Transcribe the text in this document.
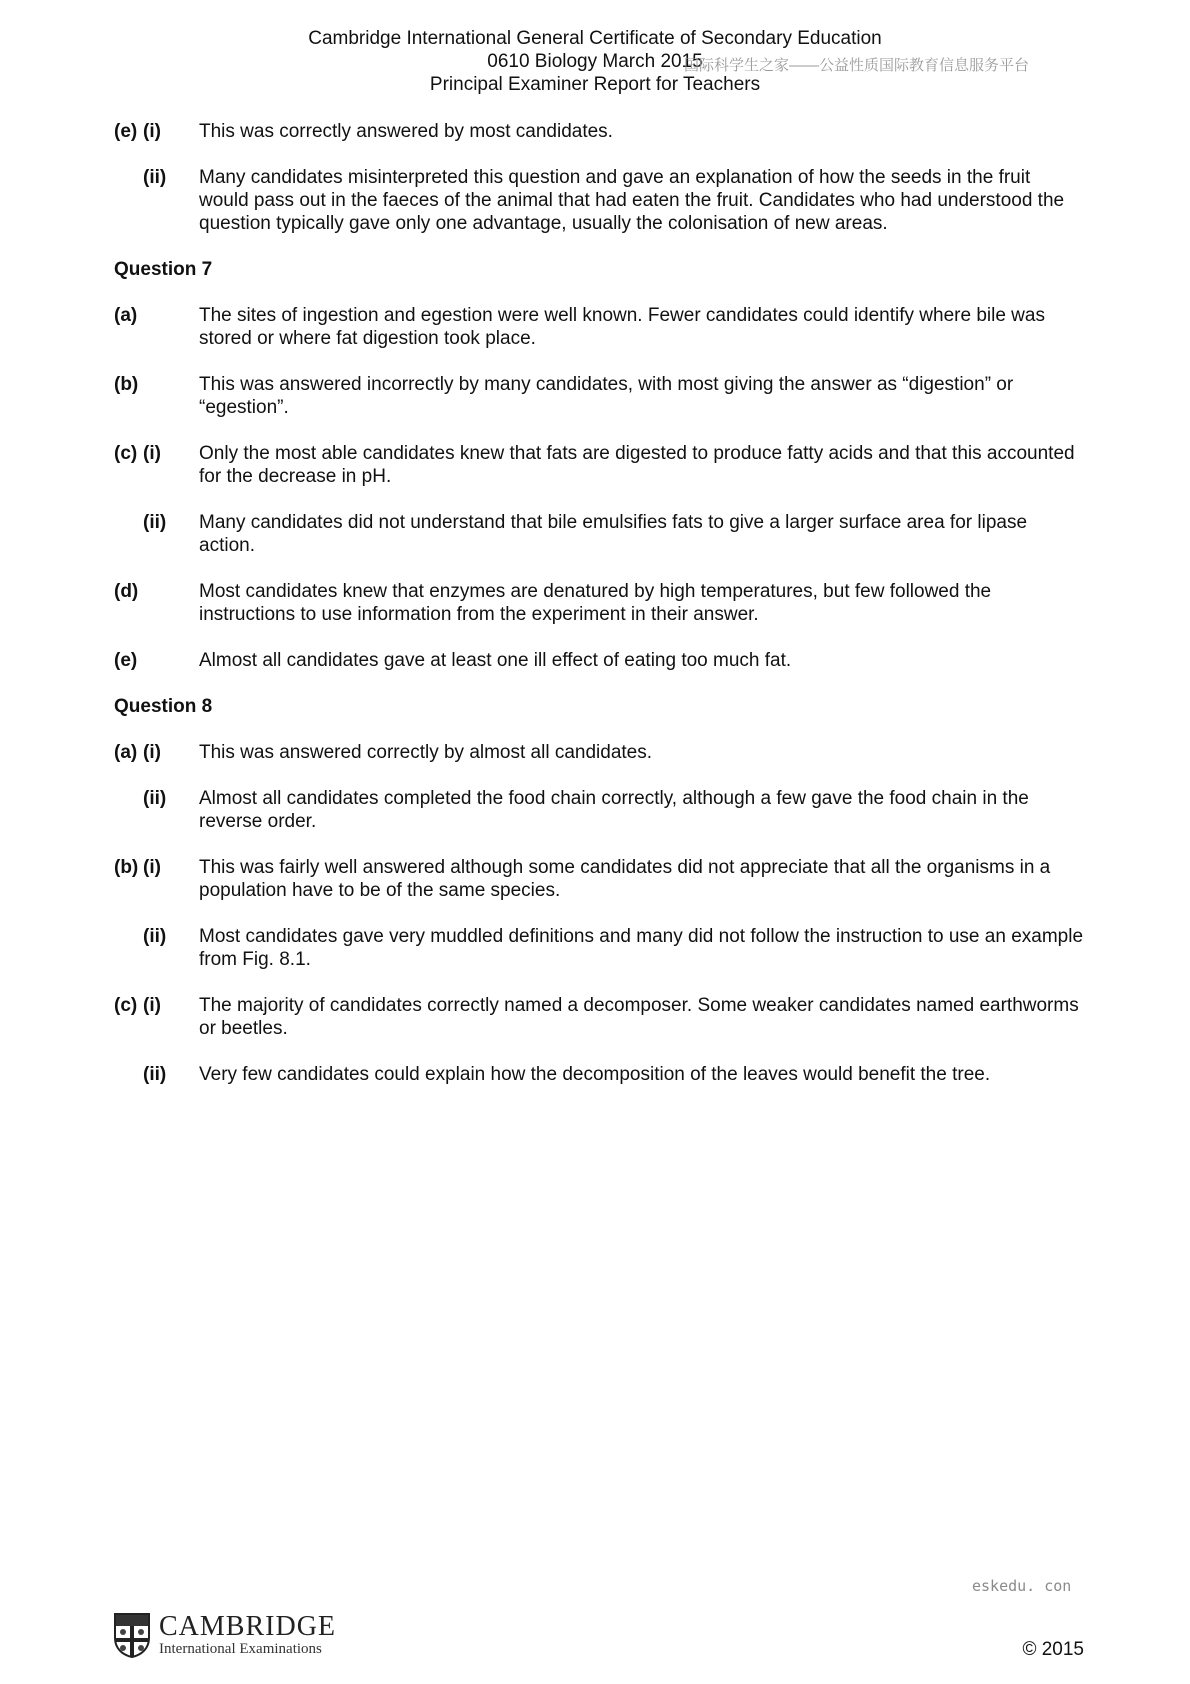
Cambridge International General Certificate of Secondary Education
0610 Biology March 2015
Principal Examiner Report for Teachers
国际科学生之家——公益性质国际教育信息服务平台
(e) (i) This was correctly answered by most candidates.
(ii) Many candidates misinterpreted this question and gave an explanation of how the seeds in the fruit would pass out in the faeces of the animal that had eaten the fruit. Candidates who had understood the question typically gave only one advantage, usually the colonisation of new areas.
Question 7
(a)	The sites of ingestion and egestion were well known. Fewer candidates could identify where bile was stored or where fat digestion took place.
(b)	This was answered incorrectly by many candidates, with most giving the answer as “digestion” or “egestion”.
(c) (i) Only the most able candidates knew that fats are digested to produce fatty acids and that this accounted for the decrease in pH.
(ii) Many candidates did not understand that bile emulsifies fats to give a larger surface area for lipase action.
(d)	Most candidates knew that enzymes are denatured by high temperatures, but few followed the instructions to use information from the experiment in their answer.
(e)	Almost all candidates gave at least one ill effect of eating too much fat.
Question 8
(a) (i) This was answered correctly by almost all candidates.
(ii) Almost all candidates completed the food chain correctly, although a few gave the food chain in the reverse order.
(b) (i) This was fairly well answered although some candidates did not appreciate that all the organisms in a population have to be of the same species.
(ii) Most candidates gave very muddled definitions and many did not follow the instruction to use an example from Fig. 8.1.
(c) (i) The majority of candidates correctly named a decomposer. Some weaker candidates named earthworms or beetles.
(ii) Very few candidates could explain how the decomposition of the leaves would benefit the tree.
eskedu. con
CAMBRIDGE
International Examinations	© 2015
